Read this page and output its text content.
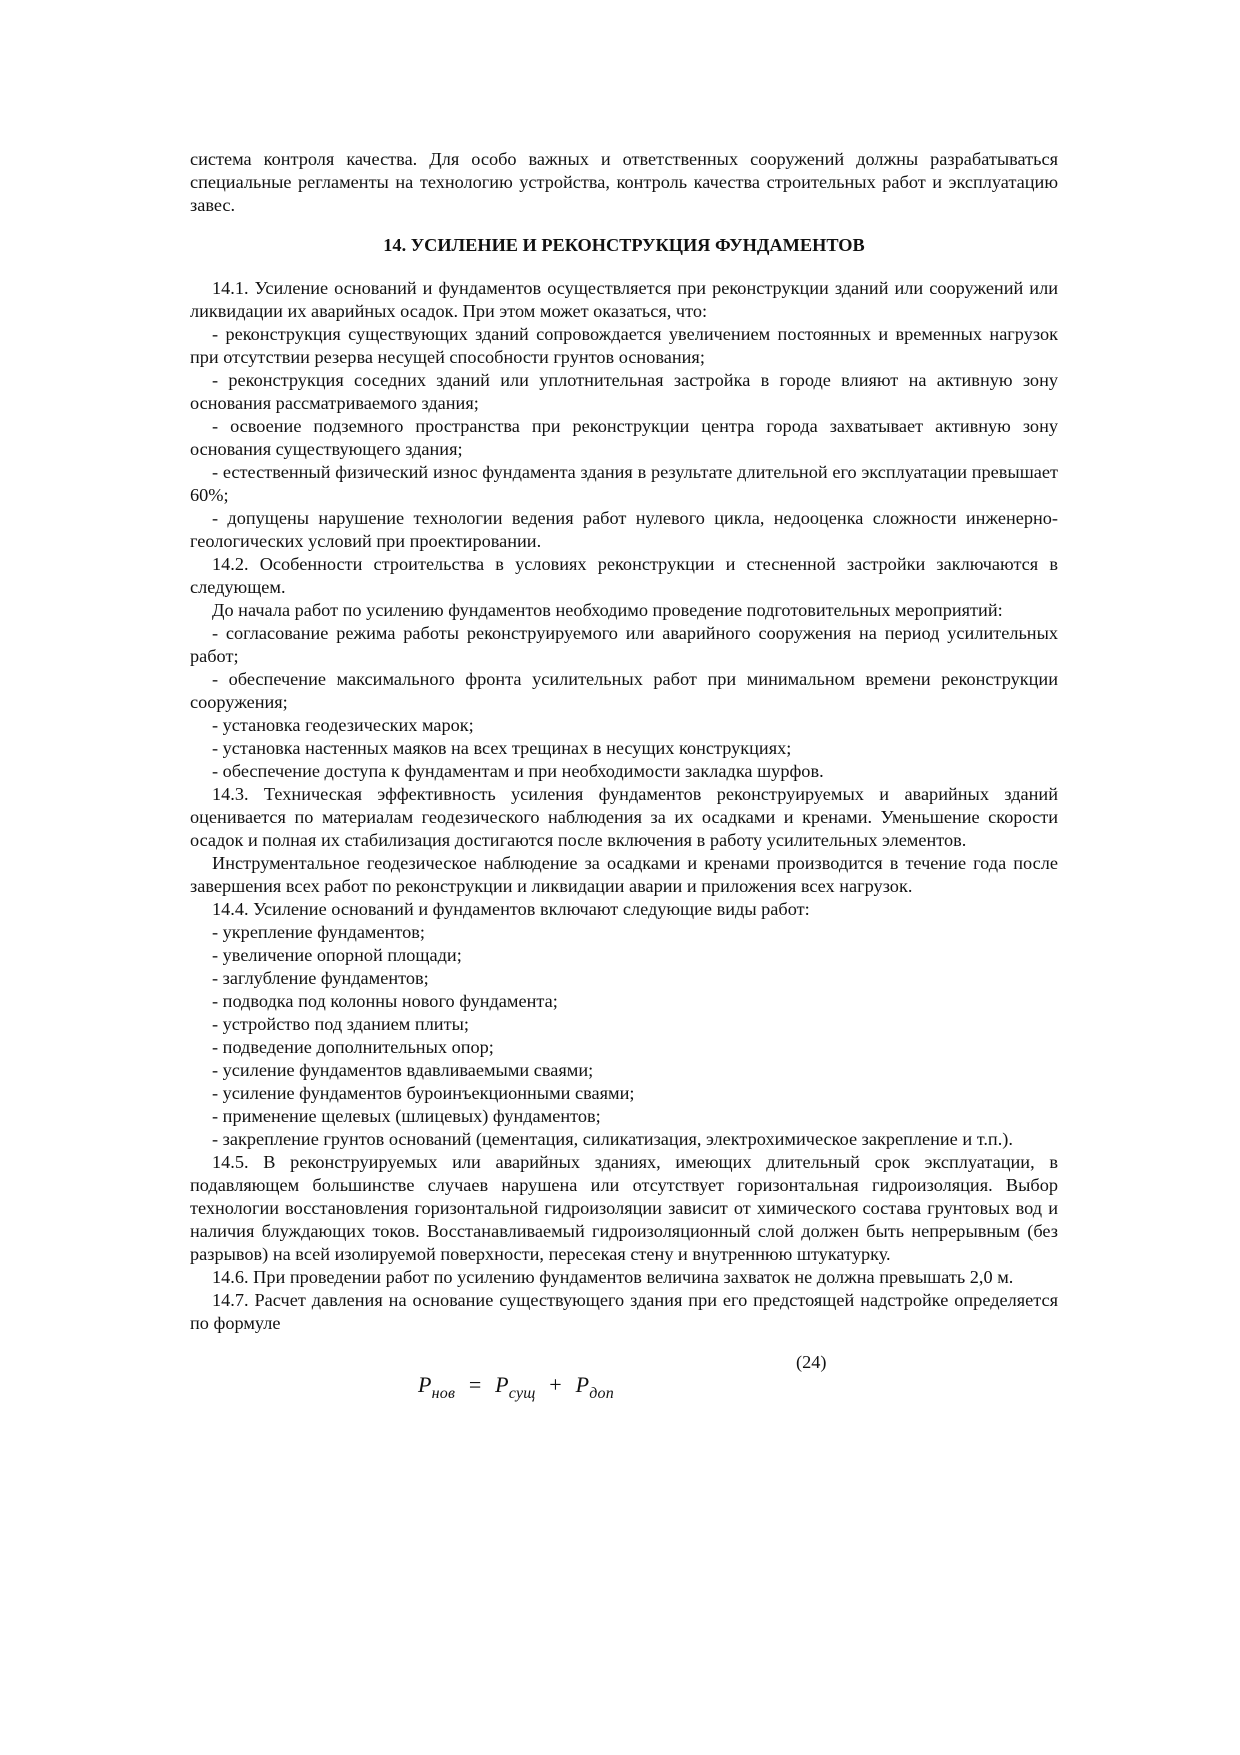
система контроля качества. Для особо важных и ответственных сооружений должны разрабатываться специальные регламенты на технологию устройства, контроль качества строительных работ и эксплуатацию завес.

14. УСИЛЕНИЕ И РЕКОНСТРУКЦИЯ ФУНДАМЕНТОВ

14.1. Усиление оснований и фундаментов осуществляется при реконструкции зданий или сооружений или ликвидации их аварийных осадок. При этом может оказаться, что:

- реконструкция существующих зданий сопровождается увеличением постоянных и временных нагрузок при отсутствии резерва несущей способности грунтов основания;

- реконструкция соседних зданий или уплотнительная застройка в городе влияют на активную зону основания рассматриваемого здания;

- освоение подземного пространства при реконструкции центра города захватывает активную зону основания существующего здания;

- естественный физический износ фундамента здания в результате длительной его эксплуатации превышает 60%;

- допущены нарушение технологии ведения работ нулевого цикла, недооценка сложности инженерно-геологических условий при проектировании.

14.2. Особенности строительства в условиях реконструкции и стесненной застройки заключаются в следующем.

До начала работ по усилению фундаментов необходимо проведение подготовительных мероприятий:

- согласование режима работы реконструируемого или аварийного сооружения на период усилительных работ;

- обеспечение максимального фронта усилительных работ при минимальном времени реконструкции сооружения;

- установка геодезических марок;

- установка настенных маяков на всех трещинах в несущих конструкциях;

- обеспечение доступа к фундаментам и при необходимости закладка шурфов.

14.3. Техническая эффективность усиления фундаментов реконструируемых и аварийных зданий оценивается по материалам геодезического наблюдения за их осадками и кренами. Уменьшение скорости осадок и полная их стабилизация достигаются после включения в работу усилительных элементов.

Инструментальное геодезическое наблюдение за осадками и кренами производится в течение года после завершения всех работ по реконструкции и ликвидации аварии и приложения всех нагрузок.

14.4. Усиление оснований и фундаментов включают следующие виды работ:

- укрепление фундаментов;

- увеличение опорной площади;

- заглубление фундаментов;

- подводка под колонны нового фундамента;

- устройство под зданием плиты;

- подведение дополнительных опор;

- усиление фундаментов вдавливаемыми сваями;

- усиление фундаментов буроинъекционными сваями;

- применение щелевых (шлицевых) фундаментов;

- закрепление грунтов оснований (цементация, силикатизация, электрохимическое закрепление и т.п.).

14.5. В реконструируемых или аварийных зданиях, имеющих длительный срок эксплуатации, в подавляющем большинстве случаев нарушена или отсутствует горизонтальная гидроизоляция. Выбор технологии восстановления горизонтальной гидроизоляции зависит от химического состава грунтовых вод и наличия блуждающих токов. Восстанавливаемый гидроизоляционный слой должен быть непрерывным (без разрывов) на всей изолируемой поверхности, пересекая стену и внутреннюю штукатурку.

14.6. При проведении работ по усилению фундаментов величина захваток не должна превышать 2,0 м.

14.7. Расчет давления на основание существующего здания при его предстоящей надстройке определяется по формуле

(24)
$P_{нов} = P_{сущ} + P_{доп}$
